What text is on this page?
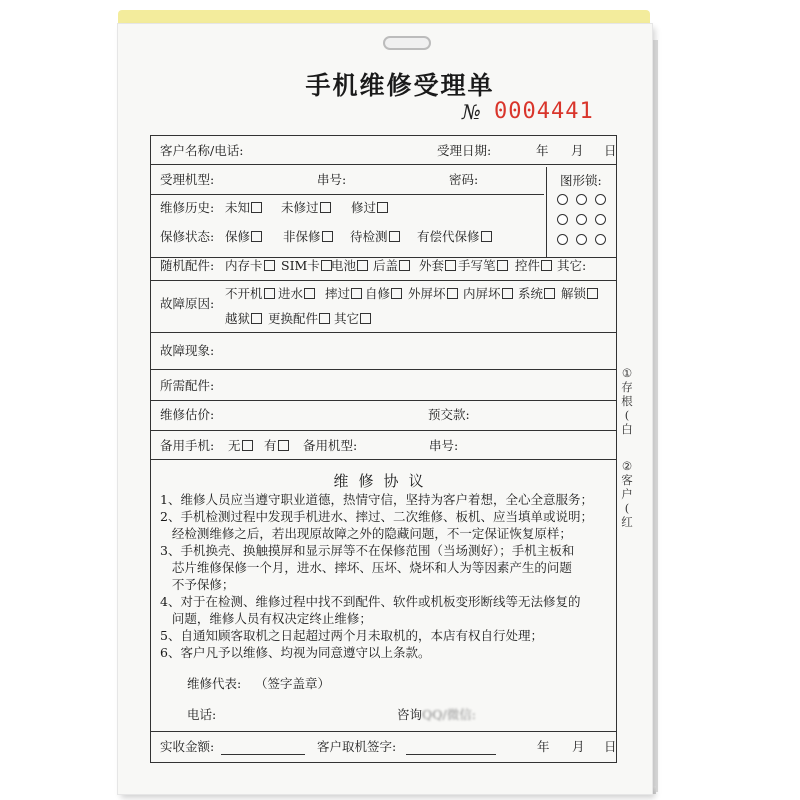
手机维修受理单
№ 0004441
客户名称/电话:	受理日期:	年 月 日
受理机型:	串号:	密码:	图形锁:
维修历史: 未知	未修过	修过
保修状态: 保修	非保修	待检测	有偿代保修
随机配件: 内存卡	SIM卡 电池	后盖	外套	手写笔	控件	其它:
故障原因:
不开机	进水	摔过	自修	外屏坏	内屏坏	系统	解锁
越狱	更换配件	其它
故障现象:
所需配件:
维修估价:	预交款:
备用手机: 无	有	备用机型:	串号:
维修协议
1、维修人员应当遵守职业道德，热情守信，坚持为客户着想，全心全意服务；
2、手机检测过程中发现手机进水、摔过、二次维修、板机、应当填单或说明；
经检测维修之后，若出现原故障之外的隐藏问题，不一定保证恢复原样；
3、手机换壳、换触摸屏和显示屏等不在保修范围（当场测好）；手机主板和
芯片维修保修一个月，进水、摔坏、压坏、烧坏和人为等因素产生的问题
不予保修；
4、对于在检测、维修过程中找不到配件、软件或机板变形断线等无法修复的
问题，维修人员有权决定终止维修；
5、自通知顾客取机之日起超过两个月未取机的，本店有权自行处理；
6、客户凡予以维修、均视为同意遵守以上条款。
维修代表: （签字盖章）
电话:	咨询QQ/微信:
实收金额:	客户取机签字:	年 月 日
①
存
根
(
白
②
客
户
(
红
